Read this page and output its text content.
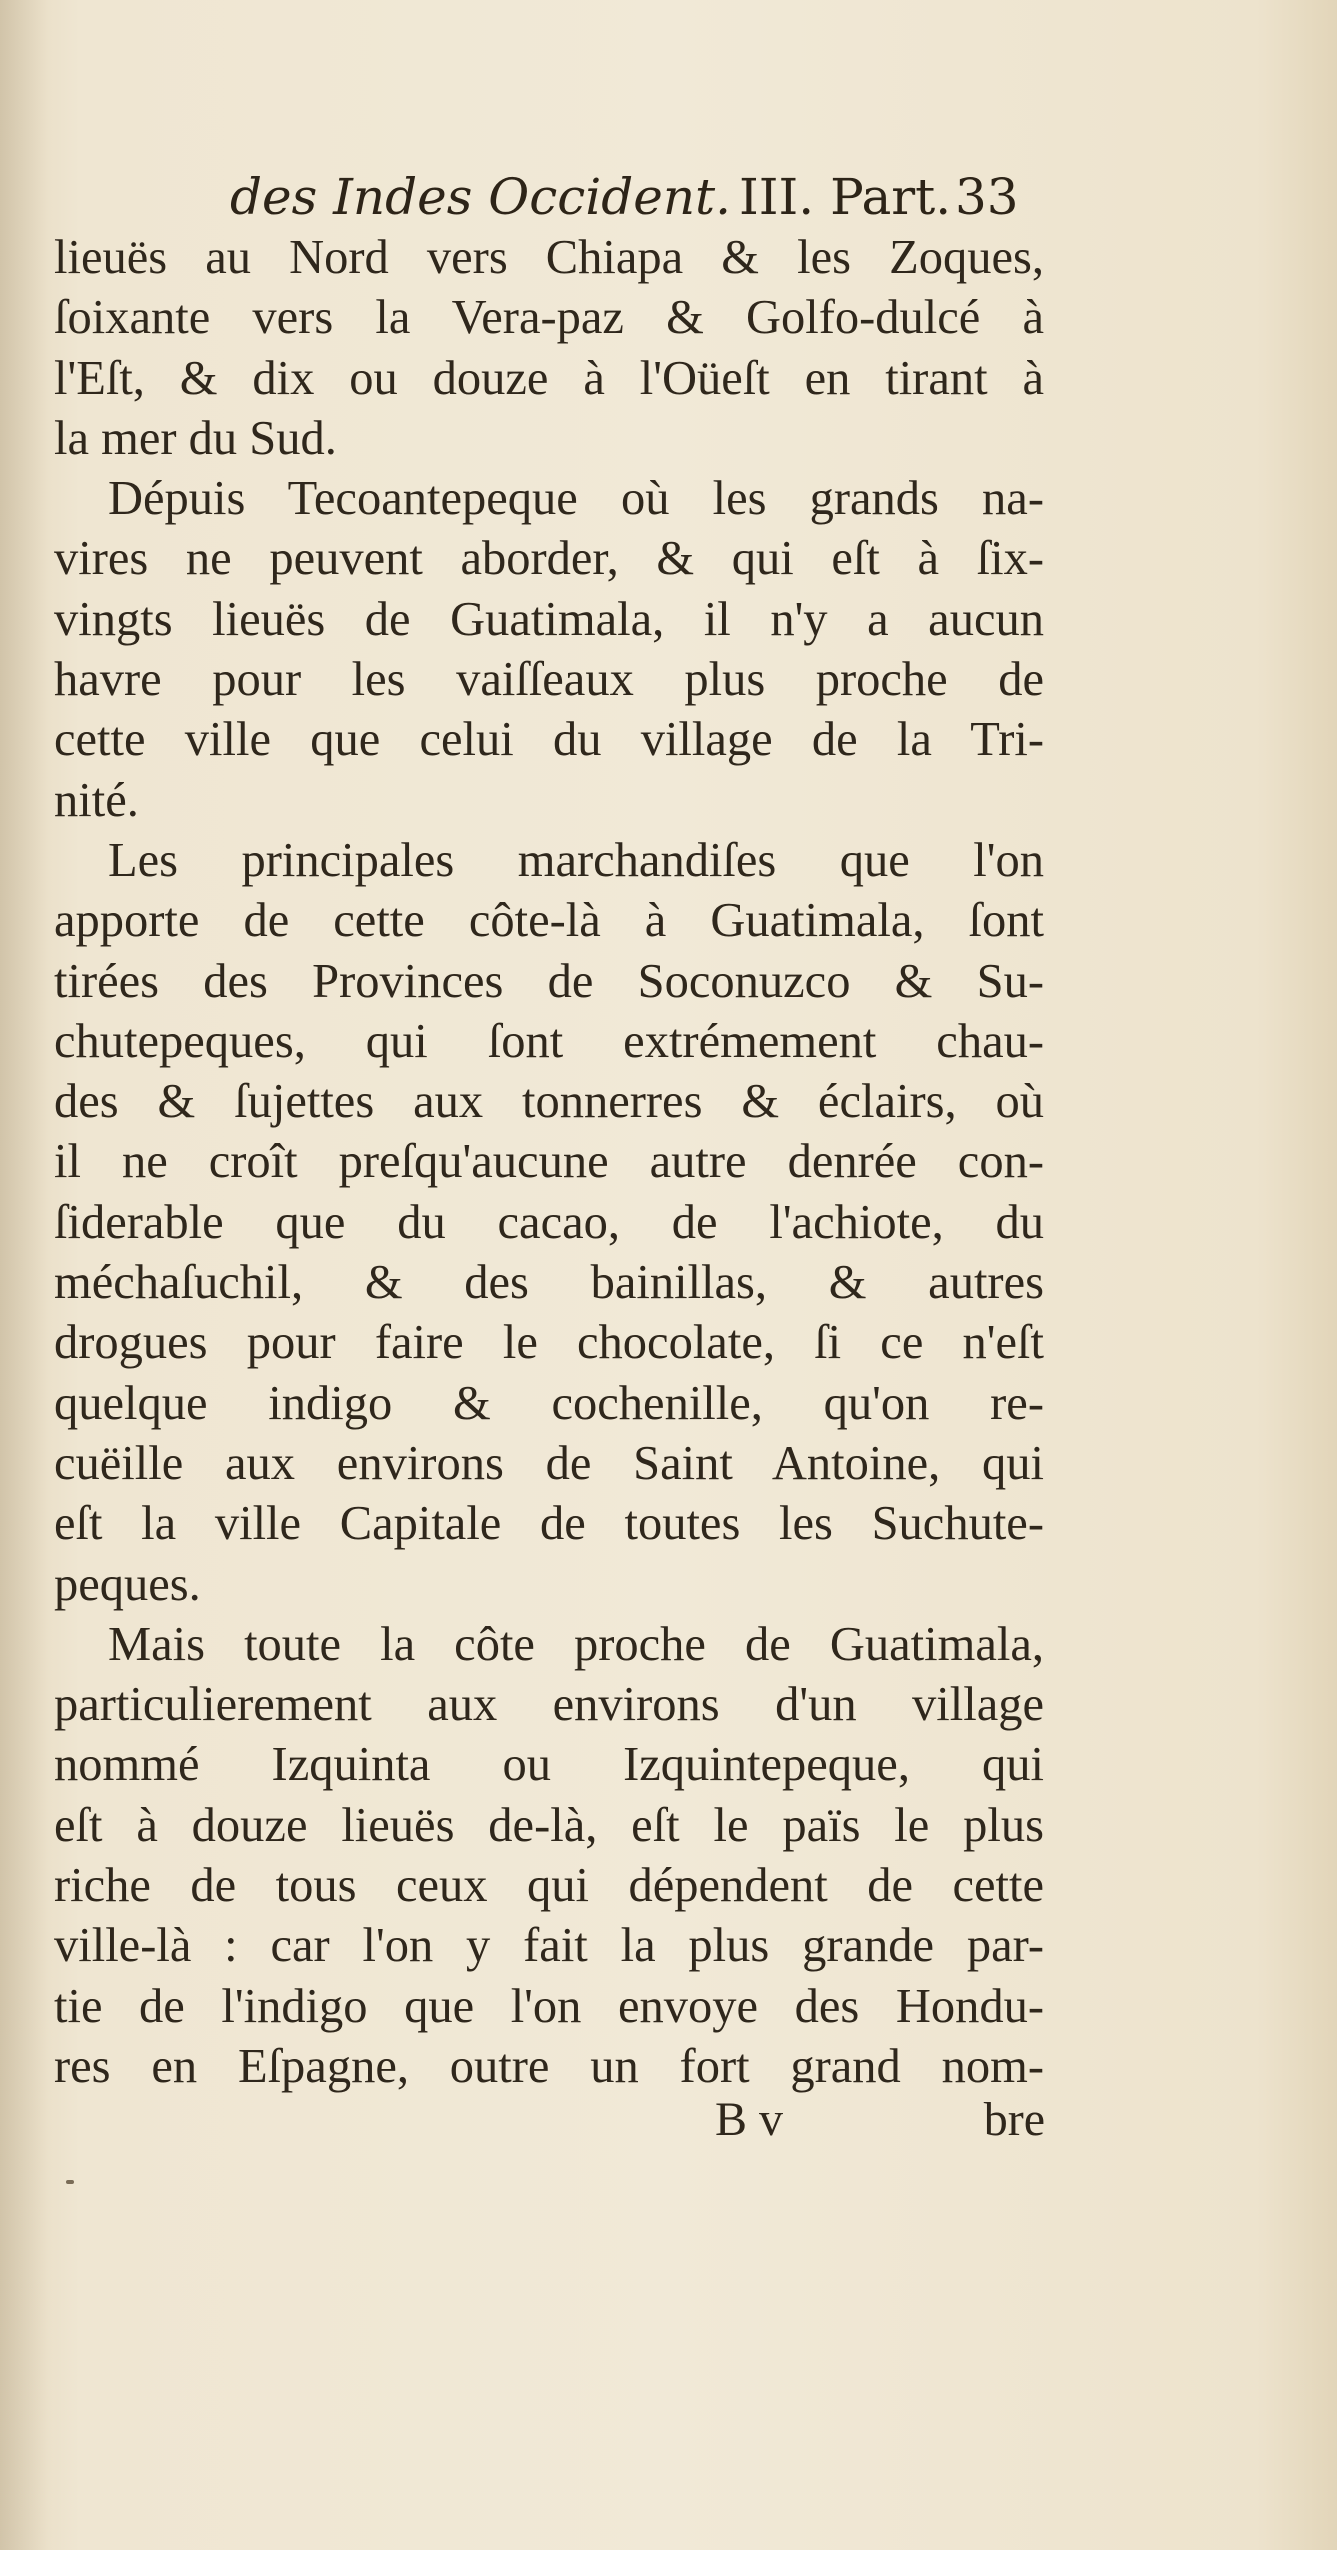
des Indes Occident. III. Part. 33
lieuës au Nord vers Chiapa & les Zoques,
ſoixante vers la Vera-paz & Golfo-dulcé à
l'Eſt, & dix ou douze à l'Oüeſt en tirant à
la mer du Sud.
Dépuis Tecoantepeque où les grands na-
vires ne peuvent aborder, & qui eſt à ſix-
vingts lieuës de Guatimala, il n'y a aucun
havre pour les vaiſſeaux plus proche de
cette ville que celui du village de la Tri-
nité.
Les principales marchandiſes que l'on
apporte de cette côte-là à Guatimala, ſont
tirées des Provinces de Soconuzco & Su-
chutepeques, qui ſont extrémement chau-
des & ſujettes aux tonnerres & éclairs, où
il ne croît preſqu'aucune autre denrée con-
ſiderable que du cacao, de l'achiote, du
méchaſuchil, & des bainillas, & autres
drogues pour faire le chocolate, ſi ce n'eſt
quelque indigo & cochenille, qu'on re-
cuëille aux environs de Saint Antoine, qui
eſt la ville Capitale de toutes les Suchute-
peques.
Mais toute la côte proche de Guatimala,
particulierement aux environs d'un village
nommé Izquinta ou Izquintepeque, qui
eſt à douze lieuës de-là, eſt le païs le plus
riche de tous ceux qui dépendent de cette
ville-là : car l'on y fait la plus grande par-
tie de l'indigo que l'on envoye des Hondu-
res en Eſpagne, outre un fort grand nom-
B v	bre
